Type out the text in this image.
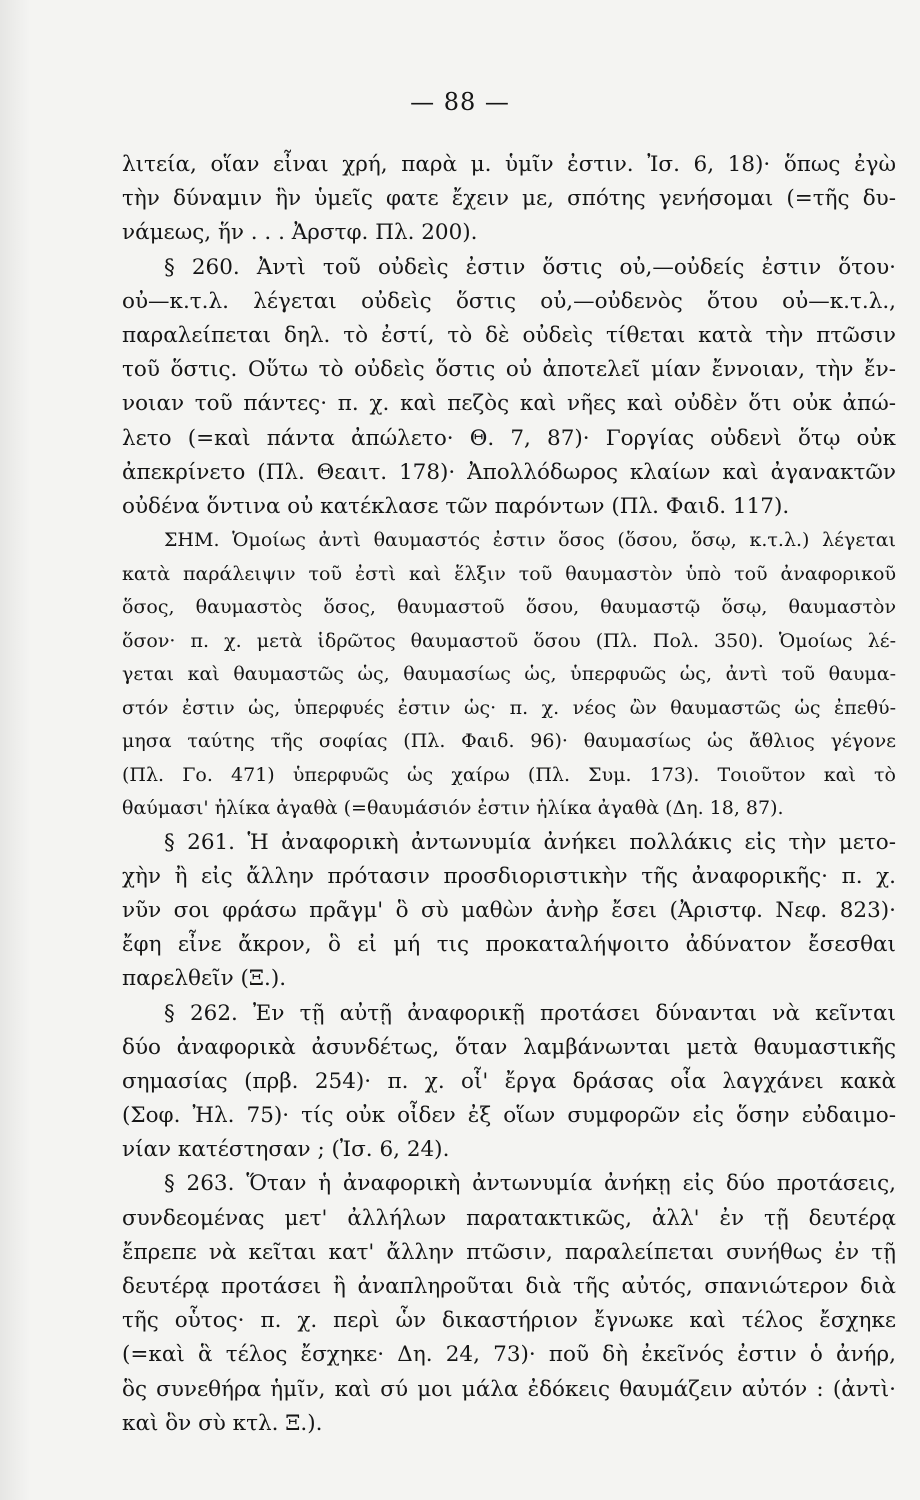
— 88 —
λιτεία, οἵαν εἶναι χρή, παρὰ μ. ὑμῖν ἐστιν. Ἰσ. 6, 18)· ὅπως ἐγὼ
τὴν δύναμιν ἣν ὑμεῖς φατε ἔχειν με, σπότης γενήσομαι (=τῆς δυ-
νάμεως, ἥν . . . Ἀρστφ. Πλ. 200).
§ 260. Ἀντὶ τοῦ οὐδεὶς ἐστιν ὅστις οὐ,—οὐδείς ἐστιν ὅτου·
οὐ—κ.τ.λ. λέγεται οὐδεὶς ὅστις οὐ,—οὐδενὸς ὅτου οὐ—κ.τ.λ.,
παραλείπεται δηλ. τὸ ἐστί, τὸ δὲ οὐδεὶς τίθεται κατὰ τὴν πτῶσιν
τοῦ ὅστις. Οὕτω τὸ οὐδεὶς ὅστις οὐ ἀποτελεῖ μίαν ἔννοιαν, τὴν ἔν-
νοιαν τοῦ πάντες· π. χ. καὶ πεζὸς καὶ νῆες καὶ οὐδὲν ὅτι οὐκ ἀπώ-
λετο (=καὶ πάντα ἀπώλετο· Θ. 7, 87)· Γοργίας οὐδενὶ ὅτῳ οὐκ
ἀπεκρίνετο (Πλ. Θεαιτ. 178)· Ἀπολλόδωρος κλαίων καὶ ἀγανακτῶν
οὐδένα ὅντινα οὐ κατέκλασε τῶν παρόντων (Πλ. Φαιδ. 117).
ΣΗΜ. Ὁμοίως ἀντὶ θαυμαστός ἐστιν ὅσος (ὅσου, ὅσῳ, κ.τ.λ.) λέγεται
κατὰ παράλειψιν τοῦ ἐστὶ καὶ ἕλξιν τοῦ θαυμαστὸν ὑπὸ τοῦ ἀναφορικοῦ
ὅσος, θαυμαστὸς ὅσος, θαυμαστοῦ ὅσου, θαυμαστῷ ὅσῳ, θαυμαστὸν
ὅσον· π. χ. μετὰ ἱδρῶτος θαυμαστοῦ ὅσου (Πλ. Πολ. 350). Ὁμοίως λέ-
γεται καὶ θαυμαστῶς ὡς, θαυμασίως ὡς, ὑπερφυῶς ὡς, ἀντὶ τοῦ θαυμα-
στόν ἐστιν ὡς, ὑπερφυές ἐστιν ὡς· π. χ. νέος ὢν θαυμαστῶς ὡς ἐπεθύ-
μησα ταύτης τῆς σοφίας (Πλ. Φαιδ. 96)· θαυμασίως ὡς ἄθλιος γέγονε
(Πλ. Γο. 471) ὑπερφυῶς ὡς χαίρω (Πλ. Συμ. 173). Τοιοῦτον καὶ τὸ
θαύμασι' ἡλίκα ἀγαθὰ (=θαυμάσιόν ἐστιν ἡλίκα ἀγαθὰ (Δη. 18, 87).
§ 261. Ἡ ἀναφορικὴ ἀντωνυμία ἀνήκει πολλάκις εἰς τὴν μετο-
χὴν ἢ εἰς ἄλλην πρότασιν προσδιοριστικὴν τῆς ἀναφορικῆς· π. χ.
νῦν σοι φράσω πρᾶγμ' ὃ σὺ μαθὼν ἀνὴρ ἔσει (Ἀριστφ. Νεφ. 823)·
ἔφη εἶνε ἄκρον, ὃ εἰ μή τις προκαταλήψοιτο ἀδύνατον ἔσεσθαι
παρελθεῖν (Ξ.).
§ 262. Ἐν τῇ αὐτῇ ἀναφορικῇ προτάσει δύνανται νὰ κεῖνται
δύο ἀναφορικὰ ἀσυνδέτως, ὅταν λαμβάνωνται μετὰ θαυμαστικῆς
σημασίας (πρβ. 254)· π. χ. οἷ' ἔργα δράσας οἷα λαγχάνει κακὰ
(Σοφ. Ἠλ. 75)· τίς οὐκ οἶδεν ἐξ οἵων συμφορῶν εἰς ὅσην εὐδαιμο-
νίαν κατέστησαν ; (Ἰσ. 6, 24).
§ 263. Ὅταν ἡ ἀναφορικὴ ἀντωνυμία ἀνήκῃ εἰς δύο προτάσεις,
συνδεομένας μετ' ἀλλήλων παρατακτικῶς, ἀλλ' ἐν τῇ δευτέρᾳ
ἔπρεπε νὰ κεῖται κατ' ἄλλην πτῶσιν, παραλείπεται συνήθως ἐν τῇ
δευτέρᾳ προτάσει ἢ ἀναπληροῦται διὰ τῆς αὐτός, σπανιώτερον διὰ
τῆς οὗτος· π. χ. περὶ ὧν δικαστήριον ἔγνωκε καὶ τέλος ἔσχηκε
(=καὶ ἃ τέλος ἔσχηκε· Δη. 24, 73)· ποῦ δὴ ἐκεῖνός ἐστιν ὁ ἀνήρ,
ὃς συνεθήρα ἡμῖν, καὶ σύ μοι μάλα ἐδόκεις θαυμάζειν αὐτόν : (ἀντὶ·
καὶ ὃν σὺ κτλ. Ξ.).
